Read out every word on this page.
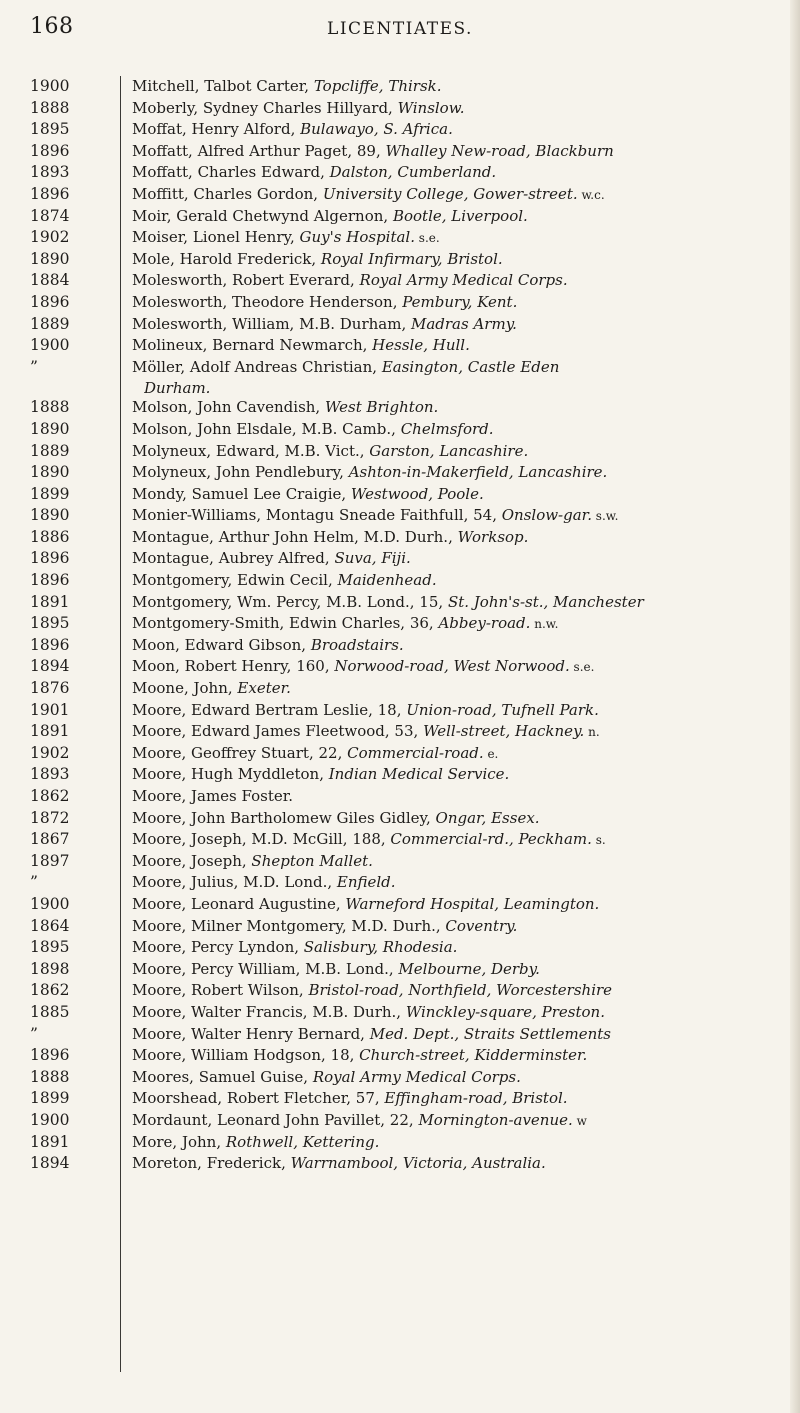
168	LICENTIATES.
1900	Mitchell, Talbot Carter, Topcliffe, Thirsk.
1888	Moberly, Sydney Charles Hillyard, Winslow.
1895	Moffat, Henry Alford, Bulawayo, S. Africa.
1896	Moffatt, Alfred Arthur Paget, 89, Whalley New-road, Blackburn
1893	Moffatt, Charles Edward, Dalston, Cumberland.
1896	Moffitt, Charles Gordon, University College, Gower-street. w.c.
1874	Moir, Gerald Chetwynd Algernon, Bootle, Liverpool.
1902	Moiser, Lionel Henry, Guy's Hospital. s.e.
1890	Mole, Harold Frederick, Royal Infirmary, Bristol.
1884	Molesworth, Robert Everard, Royal Army Medical Corps.
1896	Molesworth, Theodore Henderson, Pembury, Kent.
1889	Molesworth, William, M.B. Durham, Madras Army.
1900	Molineux, Bernard Newmarch, Hessle, Hull.
”	Möller, Adolf Andreas Christian, Easington, Castle Eden
Durham.
1888	Molson, John Cavendish, West Brighton.
1890	Molson, John Elsdale, M.B. Camb., Chelmsford.
1889	Molyneux, Edward, M.B. Vict., Garston, Lancashire.
1890	Molyneux, John Pendlebury, Ashton-in-Makerfield, Lancashire.
1899	Mondy, Samuel Lee Craigie, Westwood, Poole.
1890	Monier-Williams, Montagu Sneade Faithfull, 54, Onslow-gar. s.w.
1886	Montague, Arthur John Helm, M.D. Durh., Worksop.
1896	Montague, Aubrey Alfred, Suva, Fiji.
1896	Montgomery, Edwin Cecil, Maidenhead.
1891	Montgomery, Wm. Percy, M.B. Lond., 15, St. John's-st., Manchester
1895	Montgomery-Smith, Edwin Charles, 36, Abbey-road. n.w.
1896	Moon, Edward Gibson, Broadstairs.
1894	Moon, Robert Henry, 160, Norwood-road, West Norwood. s.e.
1876	Moone, John, Exeter.
1901	Moore, Edward Bertram Leslie, 18, Union-road, Tufnell Park.
1891	Moore, Edward James Fleetwood, 53, Well-street, Hackney. n.
1902	Moore, Geoffrey Stuart, 22, Commercial-road. e.
1893	Moore, Hugh Myddleton, Indian Medical Service.
1862	Moore, James Foster.
1872	Moore, John Bartholomew Giles Gidley, Ongar, Essex.
1867	Moore, Joseph, M.D. McGill, 188, Commercial-rd., Peckham. s.
1897	Moore, Joseph, Shepton Mallet.
”	Moore, Julius, M.D. Lond., Enfield.
1900	Moore, Leonard Augustine, Warneford Hospital, Leamington.
1864	Moore, Milner Montgomery, M.D. Durh., Coventry.
1895	Moore, Percy Lyndon, Salisbury, Rhodesia.
1898	Moore, Percy William, M.B. Lond., Melbourne, Derby.
1862	Moore, Robert Wilson, Bristol-road, Northfield, Worcestershire
1885	Moore, Walter Francis, M.B. Durh., Winckley-square, Preston.
”	Moore, Walter Henry Bernard, Med. Dept., Straits Settlements
1896	Moore, William Hodgson, 18, Church-street, Kidderminster.
1888	Moores, Samuel Guise, Royal Army Medical Corps.
1899	Moorshead, Robert Fletcher, 57, Effingham-road, Bristol.
1900	Mordaunt, Leonard John Pavillet, 22, Mornington-avenue. w
1891	More, John, Rothwell, Kettering.
1894	Moreton, Frederick, Warrnambool, Victoria, Australia.
